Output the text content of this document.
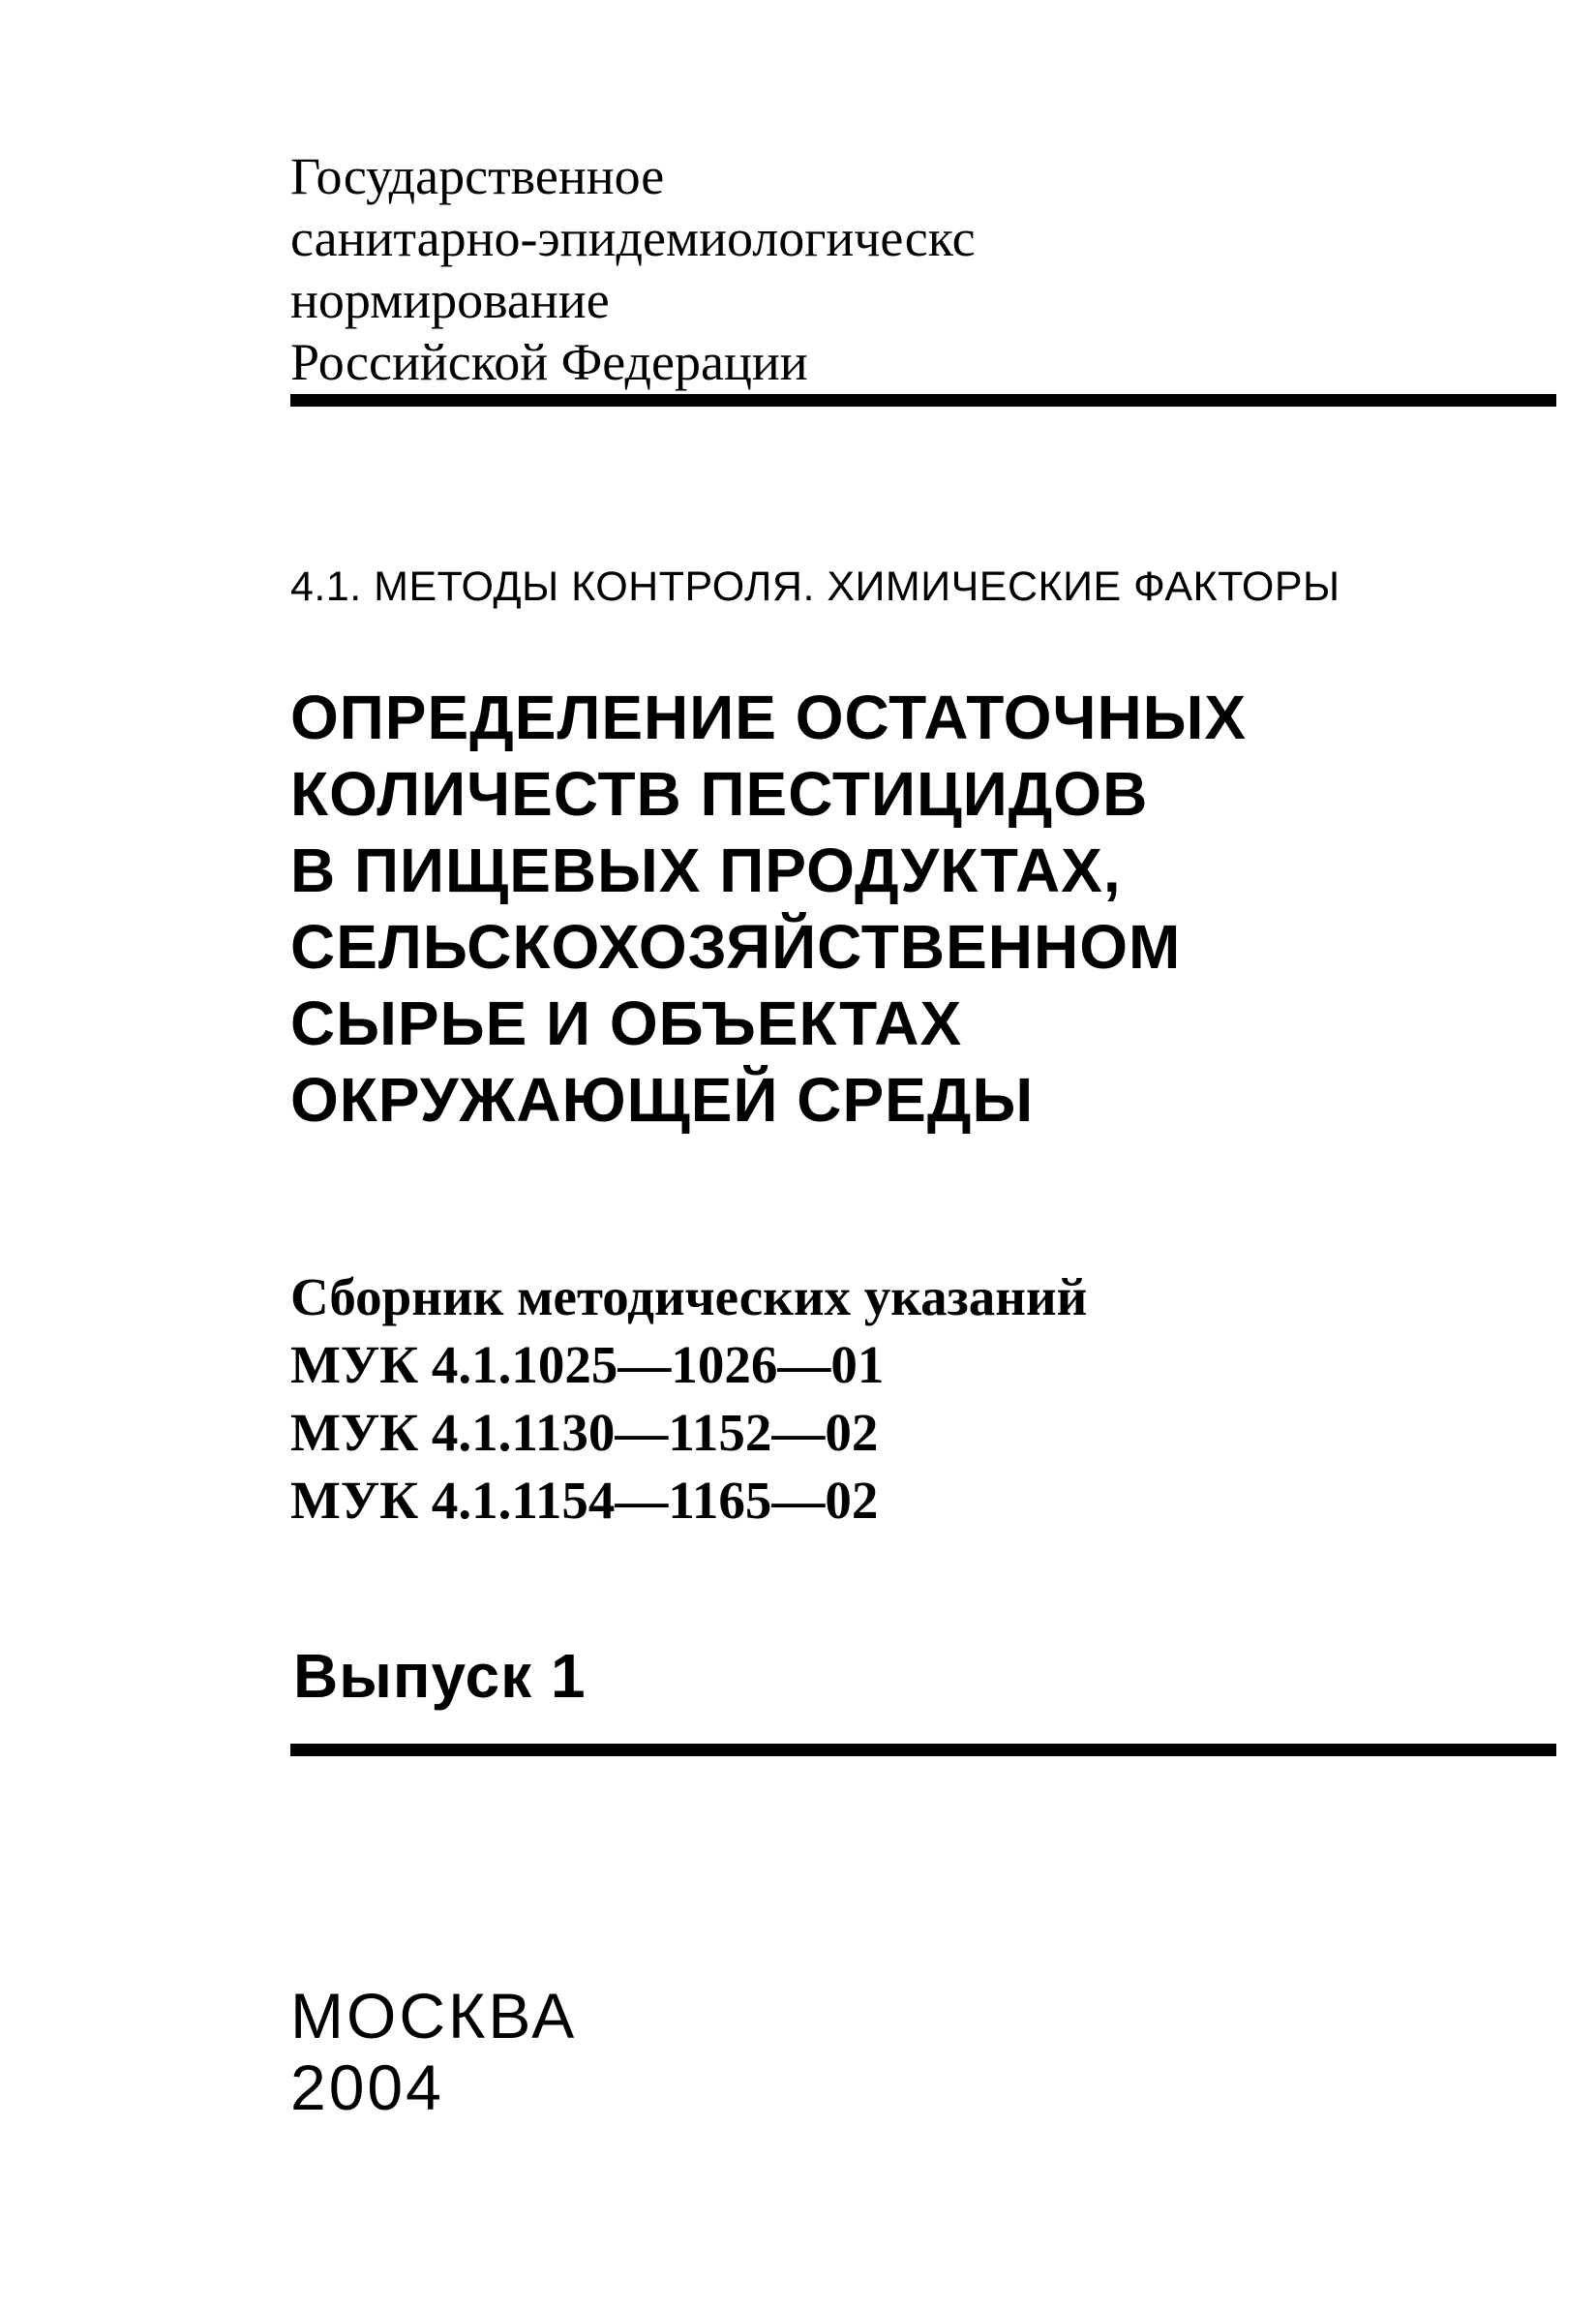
Государственное
санитарно-эпидемиологическс
нормирование
Российской Федерации
4.1. МЕТОДЫ КОНТРОЛЯ. ХИМИЧЕСКИЕ ФАКТОРЫ
ОПРЕДЕЛЕНИЕ ОСТАТОЧНЫХ
КОЛИЧЕСТВ ПЕСТИЦИДОВ
В ПИЩЕВЫХ ПРОДУКТАХ,
СЕЛЬСКОХОЗЯЙСТВЕННОМ
СЫРЬЕ И ОБЪЕКТАХ
ОКРУЖАЮЩЕЙ СРЕДЫ
Сборник методических указаний
МУК 4.1.1025—1026—01
МУК 4.1.1130—1152—02
МУК 4.1.1154—1165—02
Выпуск 1
МОСКВА
2004
